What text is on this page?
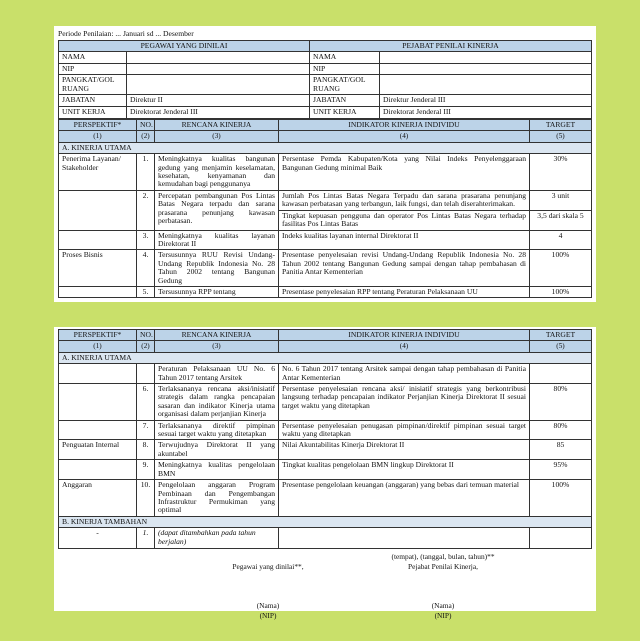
Periode Penilaian: ... Januari sd ... Desember
PEGAWAI YANG DINILAI		PEJABAT PENILAI KINERJA	
NAMA		NAMA	
NIP		NIP	
PANGKAT/GOL RUANG		PANGKAT/GOL RUANG	
JABATAN	Direktur II	JABATAN	Direktur Jenderal III
UNIT KERJA	Direktorat Jenderal III	UNIT KERJA	Direktorat Jenderal III
PERSPEKTIF*	NO.	RENCANA KINERJA	INDIKATOR KINERJA INDIVIDU	TARGET
(1)	(2)	(3)	(4)	(5)
A. KINERJA UTAMA				
Penerima Layanan/ Stakeholder	1.	Meningkatnya kualitas bangunan gedung yang menjamin keselamatan, kesehatan, kenyamanan dan kemudahan bagi penggunanya	Persentase Pemda Kabupaten/Kota yang Nilai Indeks Penyelenggaraan Bangunan Gedung minimal Baik	30%
	2.	Percepatan pembangunan Pos Lintas Batas Negara terpadu dan sarana prasarana penunjang kawasan perbatasan.	Jumlah Pos Lintas Batas Negara Terpadu dan sarana prasarana penunjang kawasan perbatasan yang terbangun, laik fungsi, dan telah diserahterimakan.	3 unit
			Tingkat kepuasan pengguna dan operator Pos Lintas Batas Negara terhadap fasilitas Pos Lintas Batas	3,5 dari skala 5
	3.	Meningkatnya kualitas layanan Direktorat II	Indeks kualitas layanan internal Direktorat II	4
Proses Bisnis	4.	Tersusunnya RUU Revisi Undang-Undang Republik Indonesia No. 28 Tahun 2002 tentang Bangunan Gedung	Presentase penyelesaian revisi Undang-Undang Republik Indonesia No. 28 Tahun 2002 tentang Bangunan Gedung sampai dengan tahap pembahasan di Panitia Antar Kementerian	100%
	5.	Tersusunnya RPP tentang	Presentase penyelesaian RPP tentang Peraturan Pelaksanaan UU	100%
PERSPEKTIF*	NO.	RENCANA KINERJA	INDIKATOR KINERJA INDIVIDU	TARGET
(1)	(2)	(3)	(4)	(5)
A. KINERJA UTAMA				
		Peraturan Pelaksanaan UU No. 6 Tahun 2017 tentang Arsitek	No. 6 Tahun 2017 tentang Arsitek sampai dengan tahap pembahasan di Panitia Antar Kementerian	
	6.	Terlaksananya rencana aksi/inisiatif strategis dalam rangka pencapaian sasaran dan indikator Kinerja utama organisasi dalam perjanjian Kinerja	Persentase penyelesaian rencana aksi/ inisiatif strategis yang berkontribusi langsung terhadap pencapaian indikator Perjanjian Kinerja Direktorat II sesuai target waktu yang ditetapkan	80%
	7.	Terlaksananya direktif pimpinan sesuai target waktu yang ditetapkan	Persentase penyelesaian penugasan pimpinan/direktif pimpinan sesuai target waktu yang ditetapkan	80%
Penguatan Internal	8.	Terwujudnya Direktorat II yang akuntabel	Nilai Akuntabilitas Kinerja Direktorat II	85
	9.	Meningkatnya kualitas pengelolaan BMN	Tingkat kualitas pengelolaan BMN lingkup Direktorat II	95%
Anggaran	10.	Pengelolaan anggaran Program Pembinaan dan Pengembangan Infrastruktur Permukiman yang optimal	Presentase pengelolaan keuangan (anggaran) yang bebas dari temuan material	100%
B. KINERJA TAMBAHAN				
-	1.	(dapat ditambahkan pada tahun berjalan)		
(tempat), (tanggal, bulan, tahun)**
Pegawai yang dinilai**,	Pejabat Penilai Kinerja,
(Nama)
(NIP)
(Nama)
(NIP)
